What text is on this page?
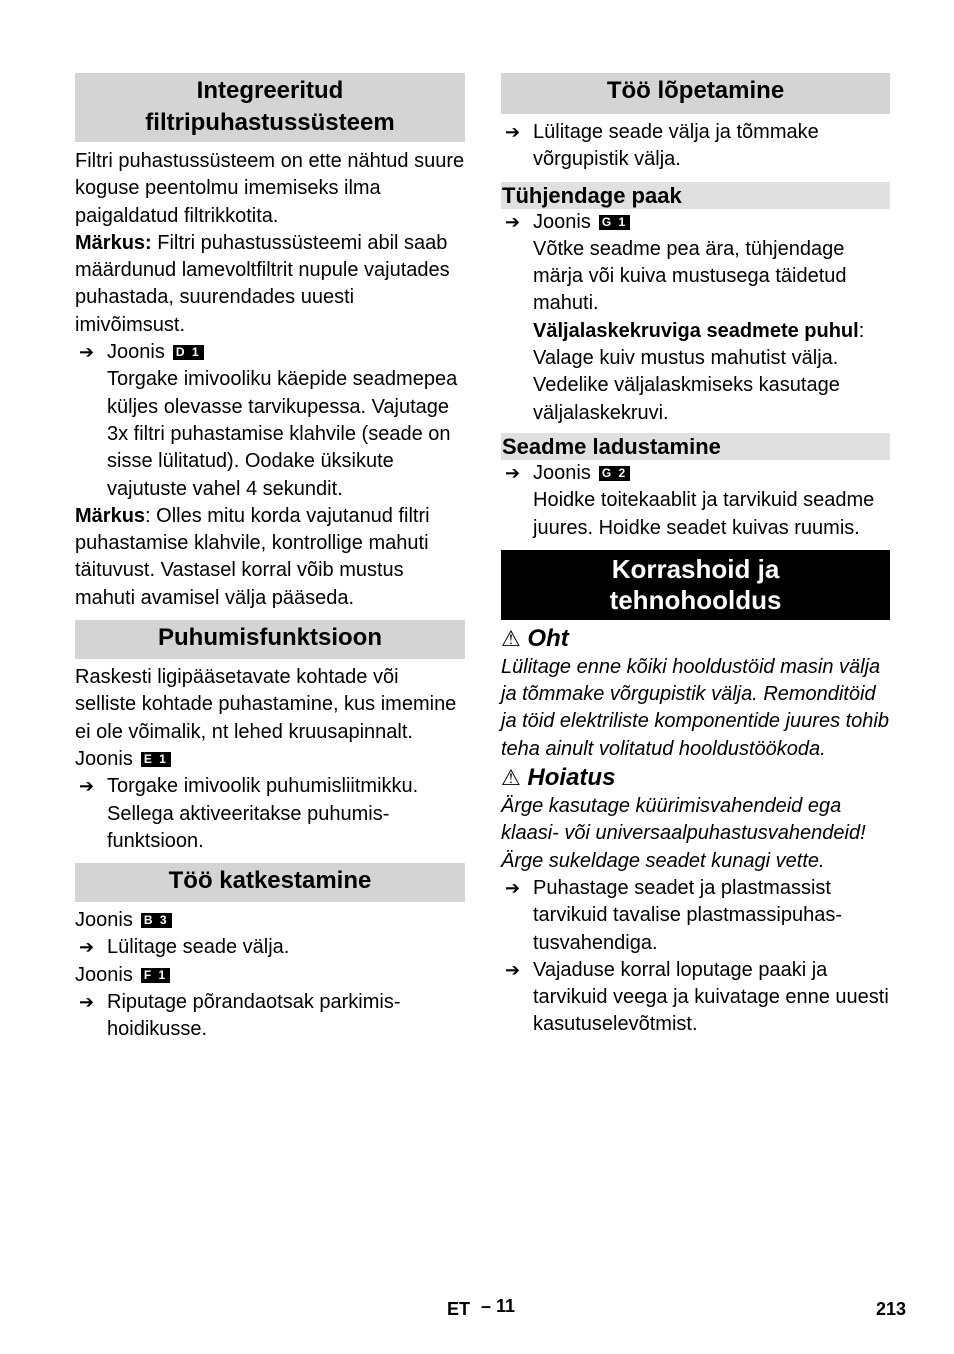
Integreeritud
filtripuhastussüsteem

Filtri puhastussüsteem on ette nähtud suure koguse peentolmu imemiseks ilma paigaldatud filtrikkotita.

Märkus: Filtri puhastussüsteemi abil saab määrdunud lamevoltfiltrit nupule vajutades puhastada, suurendades uuesti imivõimsust.

➔ Joonis D 1
Torgake imivooliku käepide seadmepea küljes olevasse tarvikupessa. Vajutage 3x filtri puhastamise klahvile (seade on sisse lülitatud). Oodake üksikute vajutuste vahel 4 sekundit.

Märkus: Olles mitu korda vajutanud filtri puhastamise klahvile, kontrollige mahuti täituvust. Vastasel korral võib mustus mahuti avamisel välja pääseda.

Puhumisfunktsioon

Raskesti ligipääsetavate kohtade või selliste kohtade puhastamine, kus imemine ei ole võimalik, nt lehed kruusapinnalt.

Joonis E 1

➔ Torgake imivoolik puhumisliitmikku. Sellega aktiveeritakse puhumisfunktsioon.
Töö katkestamine

Joonis B 3

➔ Lülitage seade välja.

Joonis F 1

➔ Riputage põrandaotsak parkimishoidikusse.
Töö lõpetamine
➔ Lülitage seade välja ja tõmmake võrgupistik välja.
Tühjendage paak
➔ Joonis G 1
Võtke seadme pea ära, tühjendage märja või kuiva mustusega täidetud mahuti.
Väljalaskekruviga seadmete puhul: Valage kuiv mustus mahutist välja. Vedelike väljalaskmiseks kasutage väljalaskekruvi.
Seadme ladustamine
➔ Joonis G 2
Hoidke toitekaablit ja tarvikuid seadme juures. Hoidke seadet kuivas ruumis.
Korrashoid ja
tehnohooldus
⚠ Oht

Lülitage enne kõiki hooldustöid masin välja ja tõmmake võrgupistik välja. Remonditöid ja töid elektriliste komponentide juures tohib teha ainult volitatud hooldustöökoda.

⚠ Hoiatus

Ärge kasutage küürimisvahendeid ega klaasi- või universaalpuhastusvahendeid! Ärge sukeldage seadet kunagi vette.

➔ Puhastage seadet ja plastmassist tarvikuid tavalise plastmassipuhastusvahendiga.
➔ Vajaduse korral loputage paaki ja tarvikuid veega ja kuivatage enne uuesti kasutuselevõtmist.
ET – 11	213
